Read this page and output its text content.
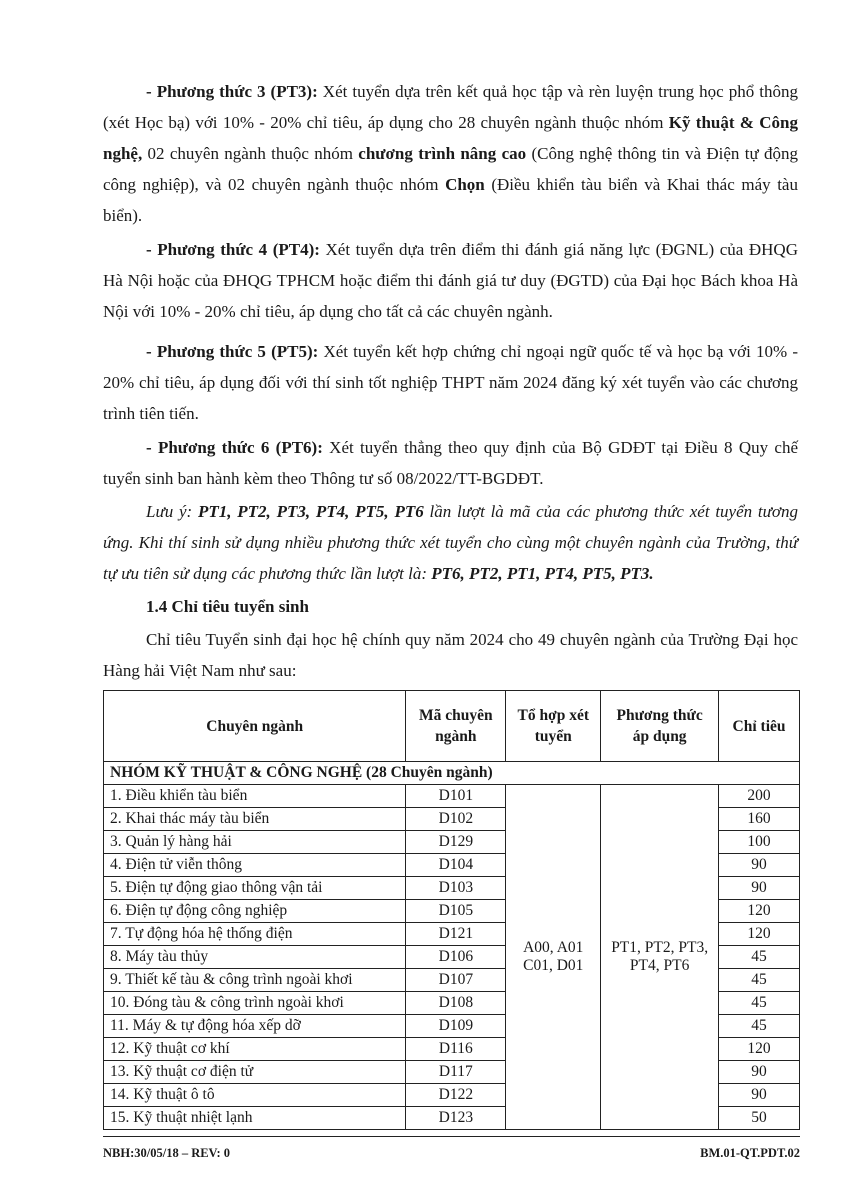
- Phương thức 3 (PT3): Xét tuyển dựa trên kết quả học tập và rèn luyện trung học phổ thông (xét Học bạ) với 10% - 20% chỉ tiêu, áp dụng cho 28 chuyên ngành thuộc nhóm Kỹ thuật & Công nghệ, 02 chuyên ngành thuộc nhóm chương trình nâng cao (Công nghệ thông tin và Điện tự động công nghiệp), và 02 chuyên ngành thuộc nhóm Chọn (Điều khiển tàu biển và Khai thác máy tàu biển).

- Phương thức 4 (PT4): Xét tuyển dựa trên điểm thi đánh giá năng lực (ĐGNL) của ĐHQG Hà Nội hoặc của ĐHQG TPHCM hoặc điểm thi đánh giá tư duy (ĐGTD) của Đại học Bách khoa Hà Nội với 10% - 20% chỉ tiêu, áp dụng cho tất cả các chuyên ngành.

- Phương thức 5 (PT5): Xét tuyển kết hợp chứng chỉ ngoại ngữ quốc tế và học bạ với 10% - 20% chỉ tiêu, áp dụng đối với thí sinh tốt nghiệp THPT năm 2024 đăng ký xét tuyển vào các chương trình tiên tiến.

- Phương thức 6 (PT6): Xét tuyển thẳng theo quy định của Bộ GDĐT tại Điều 8 Quy chế tuyển sinh ban hành kèm theo Thông tư số 08/2022/TT-BGDĐT.

Lưu ý: PT1, PT2, PT3, PT4, PT5, PT6 lần lượt là mã của các phương thức xét tuyển tương ứng. Khi thí sinh sử dụng nhiều phương thức xét tuyển cho cùng một chuyên ngành của Trường, thứ tự ưu tiên sử dụng các phương thức lần lượt là: PT6, PT2, PT1, PT4, PT5, PT3.

1.4 Chỉ tiêu tuyển sinh

Chỉ tiêu Tuyển sinh đại học hệ chính quy năm 2024 cho 49 chuyên ngành của Trường Đại học Hàng hải Việt Nam như sau:

Chuyên ngành	Mã chuyên ngành	Tổ hợp xét tuyển	Phương thức áp dụng	Chỉ tiêu
NHÓM KỸ THUẬT & CÔNG NGHỆ (28 Chuyên ngành)				
1. Điều khiển tàu biển	D101	A00, A01 C01, D01	PT1, PT2, PT3, PT4, PT6	200
2. Khai thác máy tàu biển	D102			160
3. Quản lý hàng hải	D129			100
4. Điện tử viễn thông	D104			90
5. Điện tự động giao thông vận tải	D103			90
6. Điện tự động công nghiệp	D105			120
7. Tự động hóa hệ thống điện	D121			120
8. Máy tàu thủy	D106			45
9. Thiết kế tàu & công trình ngoài khơi	D107			45
10. Đóng tàu & công trình ngoài khơi	D108			45
11. Máy & tự động hóa xếp dỡ	D109			45
12. Kỹ thuật cơ khí	D116			120
13. Kỹ thuật cơ điện tử	D117			90
14. Kỹ thuật ô tô	D122			90
15. Kỹ thuật nhiệt lạnh	D123			50
NBH:30/05/18 – REV: 0	BM.01-QT.PDT.02
